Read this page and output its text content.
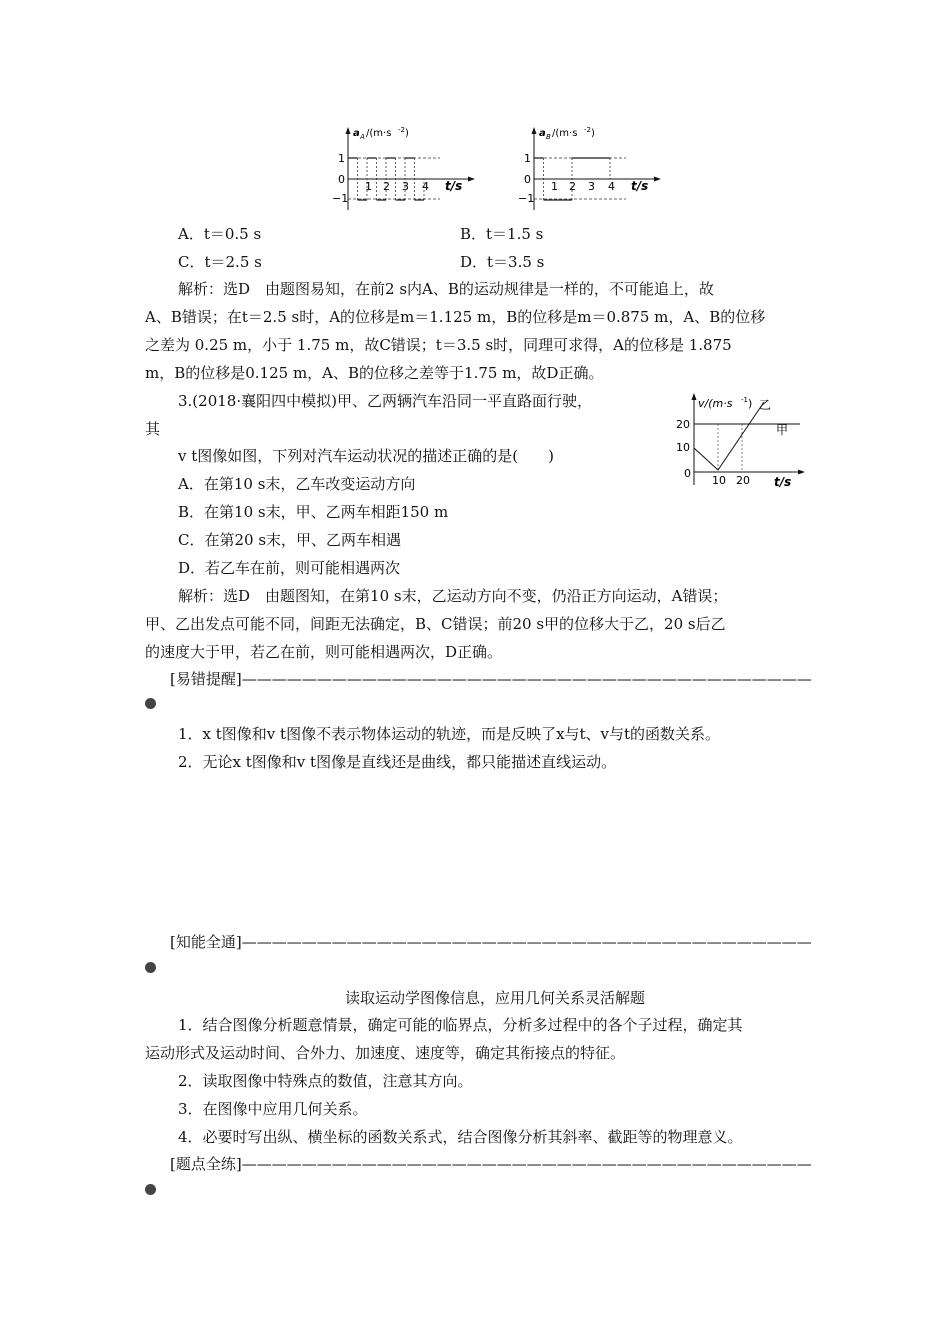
a A /(m·s -2 )
1
0
−1
1 2 3 4 t/s
a B /(m·s -2 )
1
0
−1
1 2 3 4 t/s
A．t＝0.5 s	B．t＝1.5 s
C．t＝2.5 s	D．t＝3.5 s
解析：选D　由题图易知，在前2 s内A、B的运动规律是一样的，不可能追上，故
A、B错误；在t＝2.5 s时，A的位移是m＝1.125 m，B的位移是m＝0.875 m，A、B的位移
之差为 0.25 m，小于 1.75 m，故C错误；t＝3.5 s时，同理可求得，A的位移是 1.875
m，B的位移是0.125 m，A、B的位移之差等于1.75 m，故D正确。
3.(2018·襄阳四中模拟)甲、乙两辆汽车沿同一平直路面行驶，
其
v t图像如图，下列对汽车运动状况的描述正确的是(　　)
v/(m·s -1 ) 乙
甲
20
10
0
10 20 t/s
A．在第10 s末，乙车改变运动方向
B．在第10 s末，甲、乙两车相距150 m
C．在第20 s末，甲、乙两车相遇
D．若乙车在前，则可能相遇两次
解析：选D　由题图知，在第10 s末，乙运动方向不变，仍沿正方向运动，A错误；
甲、乙出发点可能不同，间距无法确定，B、C错误；前20 s甲的位移大于乙，20 s后乙
的速度大于甲，若乙在前，则可能相遇两次，D正确。
[易错提醒]——————————————————————————————————————
1．x t图像和v t图像不表示物体运动的轨迹，而是反映了x与t、v与t的函数关系。
2．无论x t图像和v t图像是直线还是曲线，都只能描述直线运动。
[知能全通]——————————————————————————————————————
读取运动学图像信息，应用几何关系灵活解题
1．结合图像分析题意情景，确定可能的临界点，分析多过程中的各个子过程，确定其
运动形式及运动时间、合外力、加速度、速度等，确定其衔接点的特征。
2．读取图像中特殊点的数值，注意其方向。
3．在图像中应用几何关系。
4．必要时写出纵、横坐标的函数关系式，结合图像分析其斜率、截距等的物理意义。
[题点全练]——————————————————————————————————————
